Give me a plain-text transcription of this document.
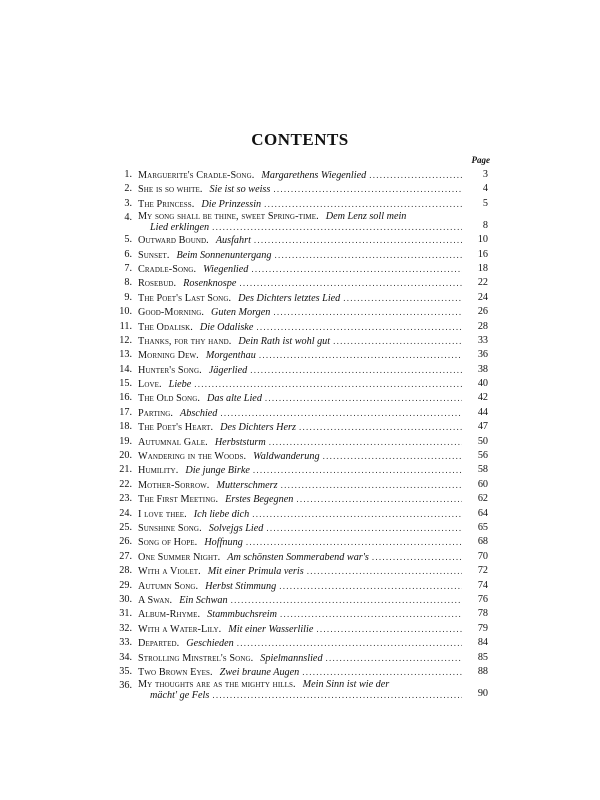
CONTENTS
Page
1. Marguerite's Cradle-Song. Margarethens Wiegenlied . . .	3
2. She is so white. Sie ist so weiss . . .	4
3. The Princess. Die Prinzessin . . .	5
4. My song shall be thine, sweet Spring-time. Dem Lenz soll mein
Lied erklingen . . .	8
5. Outward Bound. Ausfahrt . . .	10
6. Sunset. Beim Sonnenuntergang . . .	16
7. Cradle-Song. Wiegenlied . . .	18
8. Rosebud. Rosenknospe . . .	22
9. The Poet's Last Song. Des Dichters letztes Lied . . .	24
10. Good-Morning. Guten Morgen . . .	26
11. The Odalisk. Die Odaliske . . .	28
12. Thanks, for thy hand. Dein Rath ist wohl gut . . .	33
13. Morning Dew. Morgenthau . . .	36
14. Hunter's Song. Jägerlied . . .	38
15. Love. Liebe . . .	40
16. The Old Song. Das alte Lied . . .	42
17. Parting. Abschied . . .	44
18. The Poet's Heart. Des Dichters Herz . . .	47
19. Autumnal Gale. Herbststurm . . .	50
20. Wandering in the Woods. Waldwanderung . . .	56
21. Humility. Die junge Birke . . .	58
22. Mother-Sorrow. Mutterschmerz . . .	60
23. The First Meeting. Erstes Begegnen . . .	62
24. I love thee. Ich liebe dich . . .	64
25. Sunshine Song. Solvejgs Lied . . .	65
26. Song of Hope. Hoffnung . . .	68
27. One Summer Night. Am schönsten Sommerabend war's . . .	70
28. With a Violet. Mit einer Primula veris . . .	72
29. Autumn Song. Herbst Stimmung . . .	74
30. A Swan. Ein Schwan . . .	76
31. Album-Rhyme. Stammbuchsreim . . .	78
32. With a Water-Lily. Mit einer Wasserlilie . . .	79
33. Departed. Geschieden . . .	84
34. Strolling Minstrel's Song. Spielmannslied . . .	85
35. Two Brown Eyes. Zwei braune Augen . . .	88
36. My thoughts are as the mighty hills. Mein Sinn ist wie der
mächt' ge Fels . . .	90
